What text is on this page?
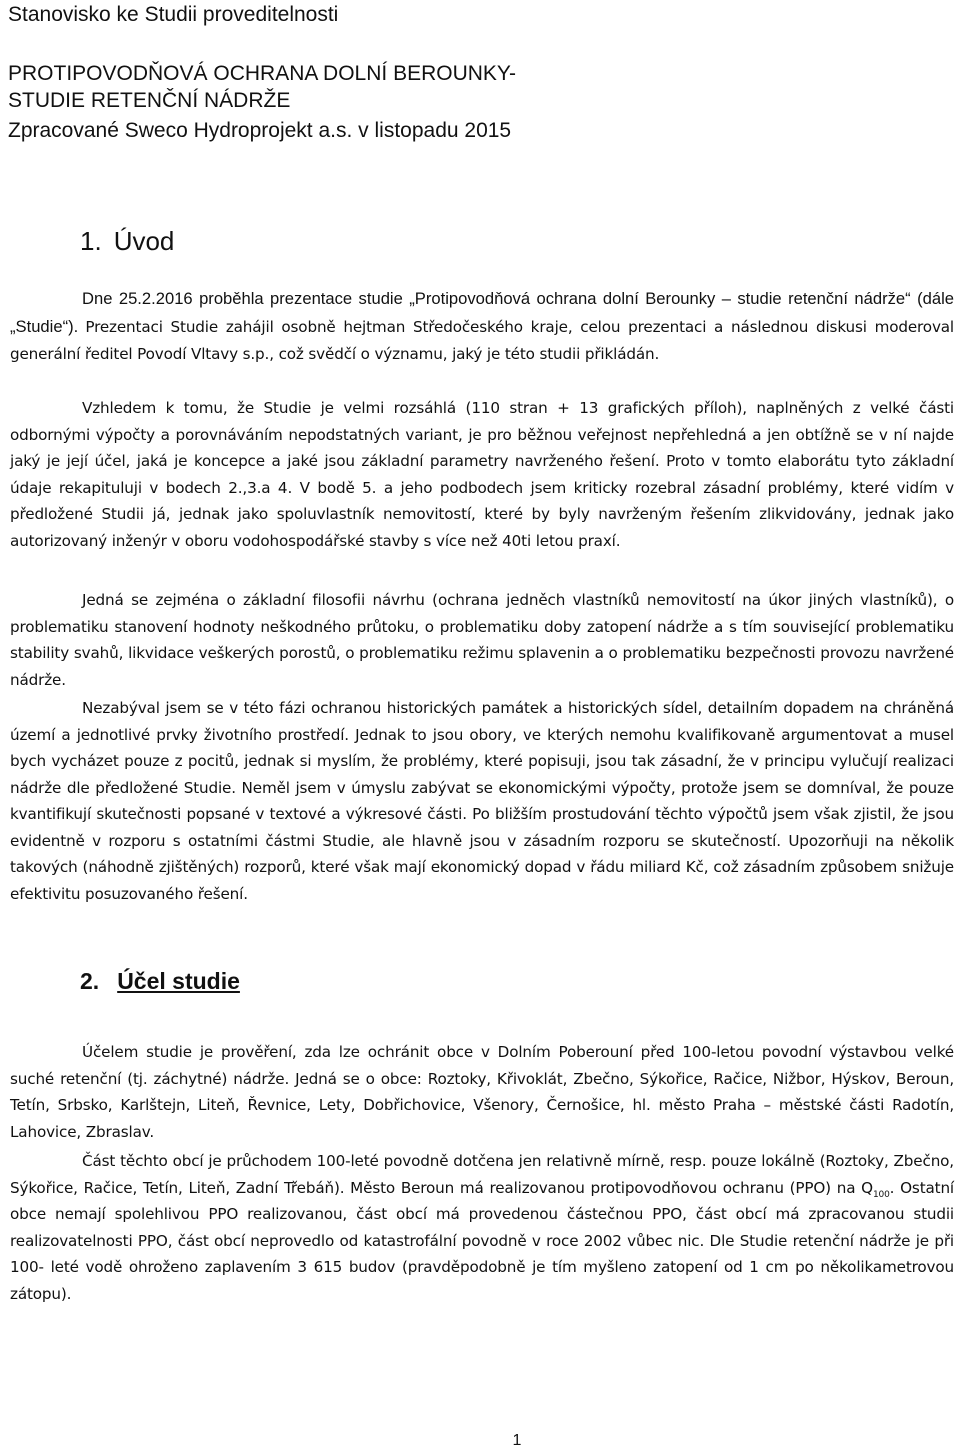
Stanovisko ke Studii proveditelnosti

PROTIPOVODŇOVÁ OCHRANA DOLNÍ BEROUNKY-

STUDIE RETENČNÍ NÁDRŽE

Zpracované Sweco Hydroprojekt a.s. v listopadu 2015

1. Úvod

Dne 25.2.2016 proběhla prezentace studie „Protipovodňová ochrana dolní Berounky – studie retenční nádrže“ (dále „Studie“). Prezentaci Studie zahájil osobně hejtman Středočeského kraje, celou prezentaci a následnou diskusi moderoval generální ředitel Povodí Vltavy s.p., což svědčí o významu, jaký je této studii přikládán.

Vzhledem k tomu, že Studie je velmi rozsáhlá (110 stran + 13 grafických příloh), naplněných z velké části odbornými výpočty a porovnáváním nepodstatných variant, je pro běžnou veřejnost nepřehledná a jen obtížně se v ní najde jaký je její účel, jaká je koncepce a jaké jsou základní parametry navrženého řešení. Proto v tomto elaborátu tyto základní údaje rekapituluji v bodech 2.,3.a 4. V bodě 5. a jeho podbodech jsem kriticky rozebral zásadní problémy, které vidím v předložené Studii já, jednak jako spoluvlastník nemovitostí, které by byly navrženým řešením zlikvidovány, jednak jako autorizovaný inženýr v oboru vodohospodářské stavby s více než 40ti letou praxí.

Jedná se zejména o základní filosofii návrhu (ochrana jedněch vlastníků nemovitostí na úkor jiných vlastníků), o problematiku stanovení hodnoty neškodného průtoku, o problematiku doby zatopení nádrže a s tím související problematiku stability svahů, likvidace veškerých porostů, o problematiku režimu splavenin a o problematiku bezpečnosti provozu navržené nádrže.

Nezabýval jsem se v této fázi ochranou historických památek a historických sídel, detailním dopadem na chráněná území a jednotlivé prvky životního prostředí. Jednak to jsou obory, ve kterých nemohu kvalifikovaně argumentovat a musel bych vycházet pouze z pocitů, jednak si myslím, že problémy, které popisuji, jsou tak zásadní, že v principu vylučují realizaci nádrže dle předložené Studie. Neměl jsem v úmyslu zabývat se ekonomickými výpočty, protože jsem se domníval, že pouze kvantifikují skutečnosti popsané v textové a výkresové části. Po bližším prostudování těchto výpočtů jsem však zjistil, že jsou evidentně v rozporu s ostatními částmi Studie, ale hlavně jsou v zásadním rozporu se skutečností. Upozorňuji na několik takových (náhodně zjištěných) rozporů, které však mají ekonomický dopad v řádu miliard Kč, což zásadním způsobem snižuje efektivitu posuzovaného řešení.

2. Účel studie

Účelem studie je prověření, zda lze ochránit obce v Dolním Poberouní před 100-letou povodní výstavbou velké suché retenční (tj. záchytné) nádrže. Jedná se o obce: Roztoky, Křivoklát, Zbečno, Sýkořice, Račice, Nižbor, Hýskov, Beroun, Tetín, Srbsko, Karlštejn, Liteň, Řevnice, Lety, Dobřichovice, Všenory, Černošice, hl. město Praha – městské části Radotín, Lahovice, Zbraslav.

Část těchto obcí je průchodem 100-leté povodně dotčena jen relativně mírně, resp. pouze lokálně (Roztoky, Zbečno, Sýkořice, Račice, Tetín, Liteň, Zadní Třebáň). Město Beroun má realizovanou protipovodňovou ochranu (PPO) na $Q_{100}$. Ostatní obce nemají spolehlivou PPO realizovanou, část obcí má provedenou částečnou PPO, část obcí má zpracovanou studii realizovatelnosti PPO, část obcí neprovedlo od katastrofální povodně v roce 2002 vůbec nic. Dle Studie retenční nádrže je při 100- leté vodě ohroženo zaplavením 3 615 budov (pravděpodobně je tím myšleno zatopení od 1 cm po několikametrovou zátopu).

1
